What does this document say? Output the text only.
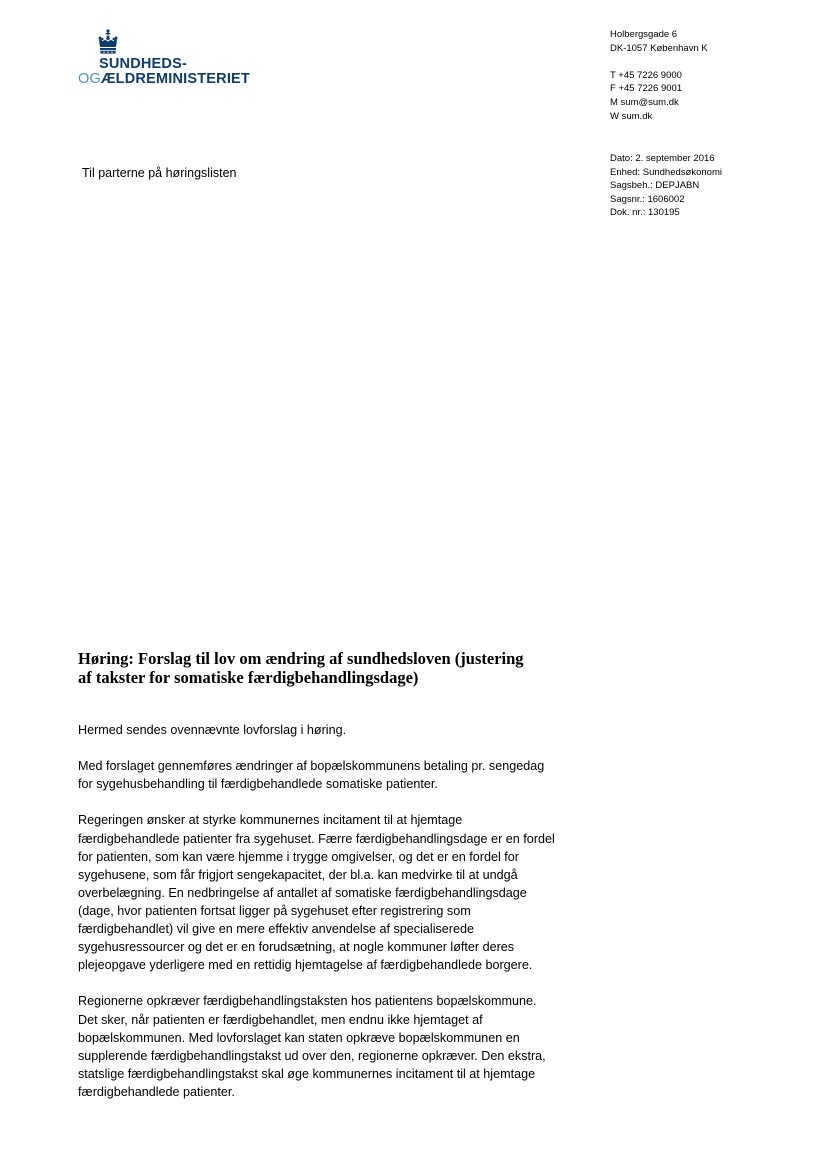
SUNDHEDS-
OGÆLDREMINISTERIET
Holbergsgade 6
DK-1057 København K
T +45 7226 9000
F +45 7226 9001
M sum@sum.dk
W sum.dk
Dato: 2. september 2016
Enhed: Sundhedsøkonomi
Sagsbeh.: DEPJABN
Sagsnr.: 1606002
Dok. nr.: 130195
Til parterne på høringslisten
Høring: Forslag til lov om ændring af sundhedsloven (justering
af takster for somatiske færdigbehandlingsdage)

Hermed sendes ovennævnte lovforslag i høring.

Med forslaget gennemføres ændringer af bopælskommunens betaling pr. sengedag
for sygehusbehandling til færdigbehandlede somatiske patienter.

Regeringen ønsker at styrke kommunernes incitament til at hjemtage
færdigbehandlede patienter fra sygehuset. Færre færdigbehandlingsdage er en fordel
for patienten, som kan være hjemme i trygge omgivelser, og det er en fordel for
sygehusene, som får frigjort sengekapacitet, der bl.a. kan medvirke til at undgå
overbelægning. En nedbringelse af antallet af somatiske færdigbehandlingsdage
(dage, hvor patienten fortsat ligger på sygehuset efter registrering som
færdigbehandlet) vil give en mere effektiv anvendelse af specialiserede
sygehusressourcer og det er en forudsætning, at nogle kommuner løfter deres
plejeopgave yderligere med en rettidig hjemtagelse af færdigbehandlede borgere.

Regionerne opkræver færdigbehandlingstaksten hos patientens bopælskommune.
Det sker, når patienten er færdigbehandlet, men endnu ikke hjemtaget af
bopælskommunen. Med lovforslaget kan staten opkræve bopælskommunen en
supplerende færdigbehandlingstakst ud over den, regionerne opkræver. Den ekstra,
statslige færdigbehandlingstakst skal øge kommunernes incitament til at hjemtage
færdigbehandlede patienter.
